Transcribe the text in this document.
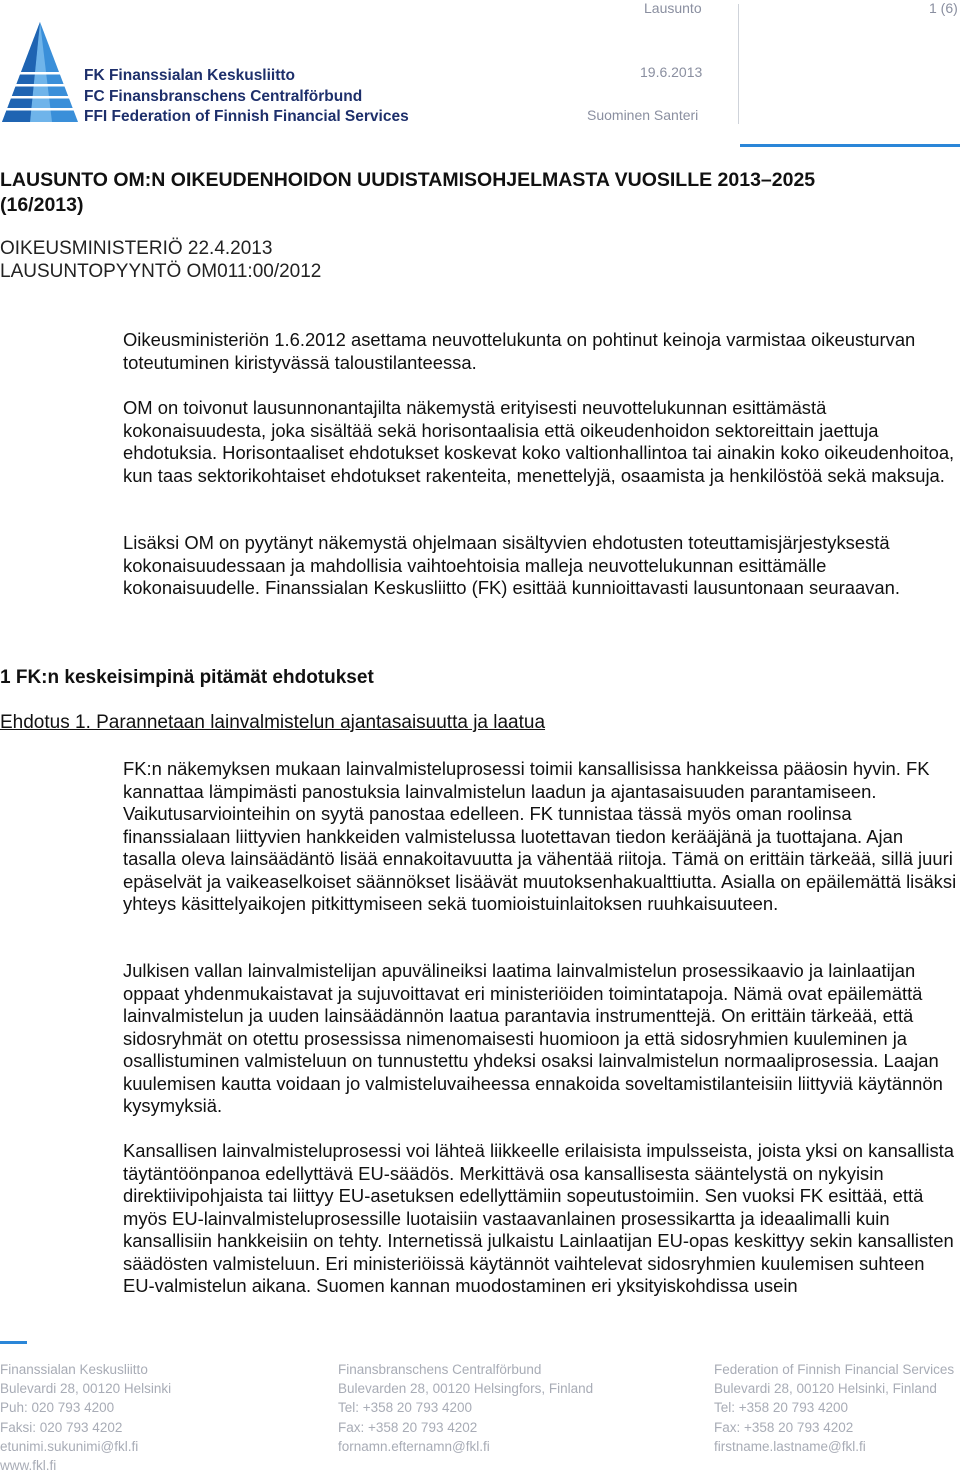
FK Finanssialan Keskusliitto
FC Finansbranschens Centralförbund
FFI Federation of Finnish Financial Services
Lausunto	1 (6)
19.6.2013
Suominen Santeri
LAUSUNTO OM:N OIKEUDENHOIDON UUDISTAMISOHJELMASTA VUOSILLE 2013–2025
(16/2013)
OIKEUSMINISTERIÖ 22.4.2013
LAUSUNTOPYYNTÖ OM011:00/2012
Oikeusministeriön 1.6.2012 asettama neuvottelukunta on pohtinut keinoja varmistaa oikeusturvan toteutuminen kiristyvässä taloustilanteessa.
OM on toivonut lausunnonantajilta näkemystä erityisesti neuvottelukunnan esittämästä kokonaisuudesta, joka sisältää sekä horisontaalisia että oikeudenhoidon sektoreittain jaettuja ehdotuksia. Horisontaaliset ehdotukset koskevat koko valtionhallintoa tai ainakin koko oikeudenhoitoa, kun taas sektorikohtaiset ehdotukset rakenteita, menettelyjä, osaamista ja henkilöstöä sekä maksuja.
Lisäksi OM on pyytänyt näkemystä ohjelmaan sisältyvien ehdotusten toteuttamisjärjestyksestä kokonaisuudessaan ja mahdollisia vaihtoehtoisia malleja neuvottelukunnan esittämälle kokonaisuudelle. Finanssialan Keskusliitto (FK) esittää kunnioittavasti lausuntonaan seuraavan.
1 FK:n keskeisimpinä pitämät ehdotukset
Ehdotus 1. Parannetaan lainvalmistelun ajantasaisuutta ja laatua
FK:n näkemyksen mukaan lainvalmisteluprosessi toimii kansallisissa hankkeissa pääosin hyvin. FK kannattaa lämpimästi panostuksia lainvalmistelun laadun ja ajantasaisuuden parantamiseen. Vaikutusarviointeihin on syytä panostaa edelleen. FK tunnistaa tässä myös oman roolinsa finanssialaan liittyvien hankkeiden valmistelussa luotettavan tiedon kerääjänä ja tuottajana. Ajan tasalla oleva lainsäädäntö lisää ennakoitavuutta ja vähentää riitoja. Tämä on erittäin tärkeää, sillä juuri epäselvät ja vaikeaselkoiset säännökset lisäävät muutoksenhakualttiutta. Asialla on epäilemättä lisäksi yhteys käsittelyaikojen pitkittymiseen sekä tuomioistuinlaitoksen ruuhkaisuuteen.
Julkisen vallan lainvalmistelijan apuvälineiksi laatima lainvalmistelun prosessikaavio ja lainlaatijan oppaat yhdenmukaistavat ja sujuvoittavat eri ministeriöiden toimintatapoja. Nämä ovat epäilemättä lainvalmistelun ja uuden lainsäädännön laatua parantavia instrumenttejä. On erittäin tärkeää, että sidosryhmät on otettu prosessissa nimenomaisesti huomioon ja että sidosryhmien kuuleminen ja osallistuminen valmisteluun on tunnustettu yhdeksi osaksi lainvalmistelun normaaliprosessia. Laajan kuulemisen kautta voidaan jo valmisteluvaiheessa ennakoida soveltamistilanteisiin liittyviä käytännön kysymyksiä.
Kansallisen lainvalmisteluprosessi voi lähteä liikkeelle erilaisista impulsseista, joista yksi on kansallista täytäntöönpanoa edellyttävä EU-säädös. Merkittävä osa kansallisesta sääntelystä on nykyisin direktiivipohjaista tai liittyy EU-asetuksen edellyttämiin sopeutustoimiin. Sen vuoksi FK esittää, että myös EU-lainvalmisteluprosessille luotaisiin vastaavanlainen prosessikartta ja ideaalimalli kuin kansallisiin hankkeisiin on tehty. Internetissä julkaistu Lainlaatijan EU-opas keskittyy sekin kansallisten säädösten valmisteluun. Eri ministeriöissä käytännöt vaihtelevat sidosryhmien kuulemisen suhteen EU-valmistelun aikana. Suomen kannan muodostaminen eri yksityiskohdissa usein
Finanssialan Keskusliitto
Bulevardi 28, 00120 Helsinki
Puh: 020 793 4200
Faksi: 020 793 4202
etunimi.sukunimi@fkl.fi
www.fkl.fi
Finansbranschens Centralförbund
Bulevarden 28, 00120 Helsingfors, Finland
Tel: +358 20 793 4200
Fax: +358 20 793 4202
fornamn.efternamn@fkl.fi
Federation of Finnish Financial Services
Bulevardi 28, 00120 Helsinki, Finland
Tel: +358 20 793 4200
Fax: +358 20 793 4202
firstname.lastname@fkl.fi
